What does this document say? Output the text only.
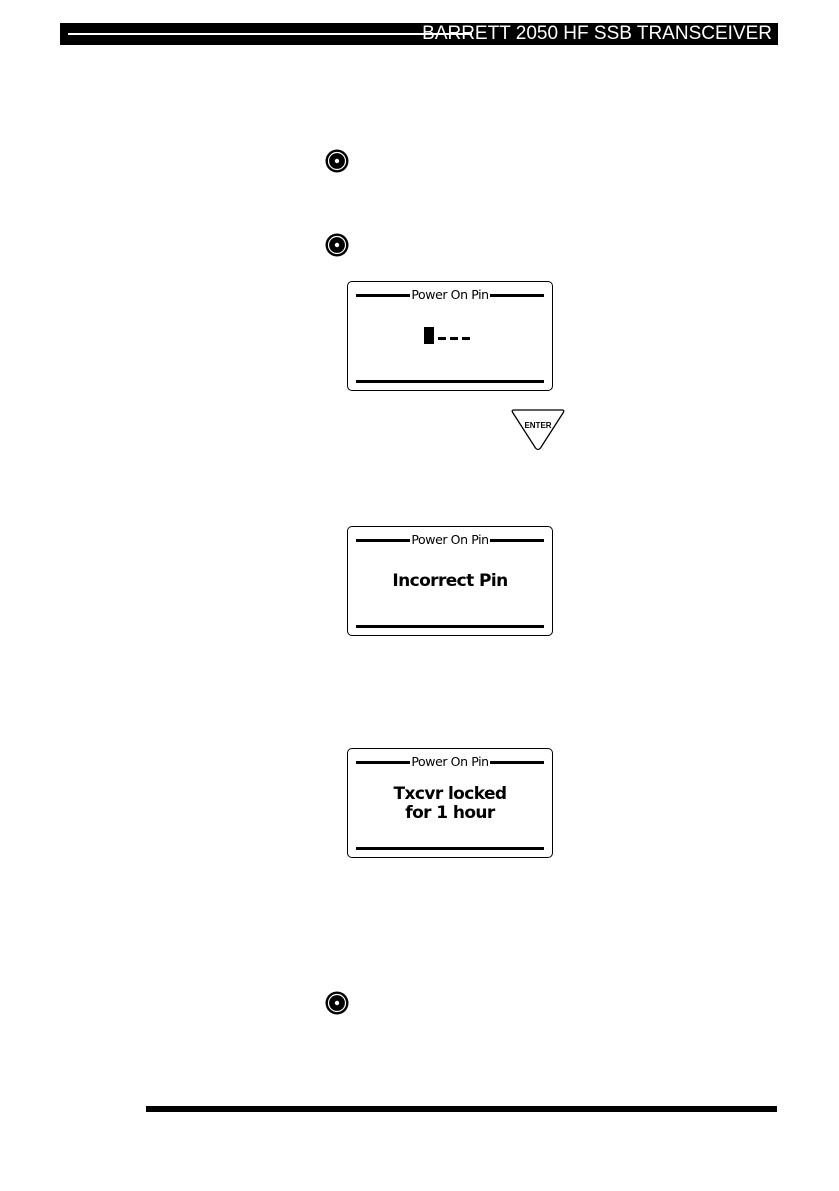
BARRETT 2050 HF SSB TRANSCEIVER
Power On Pin
ENTER
Power On Pin
Incorrect Pin
Power On Pin
Txcvr locked
for 1 hour
